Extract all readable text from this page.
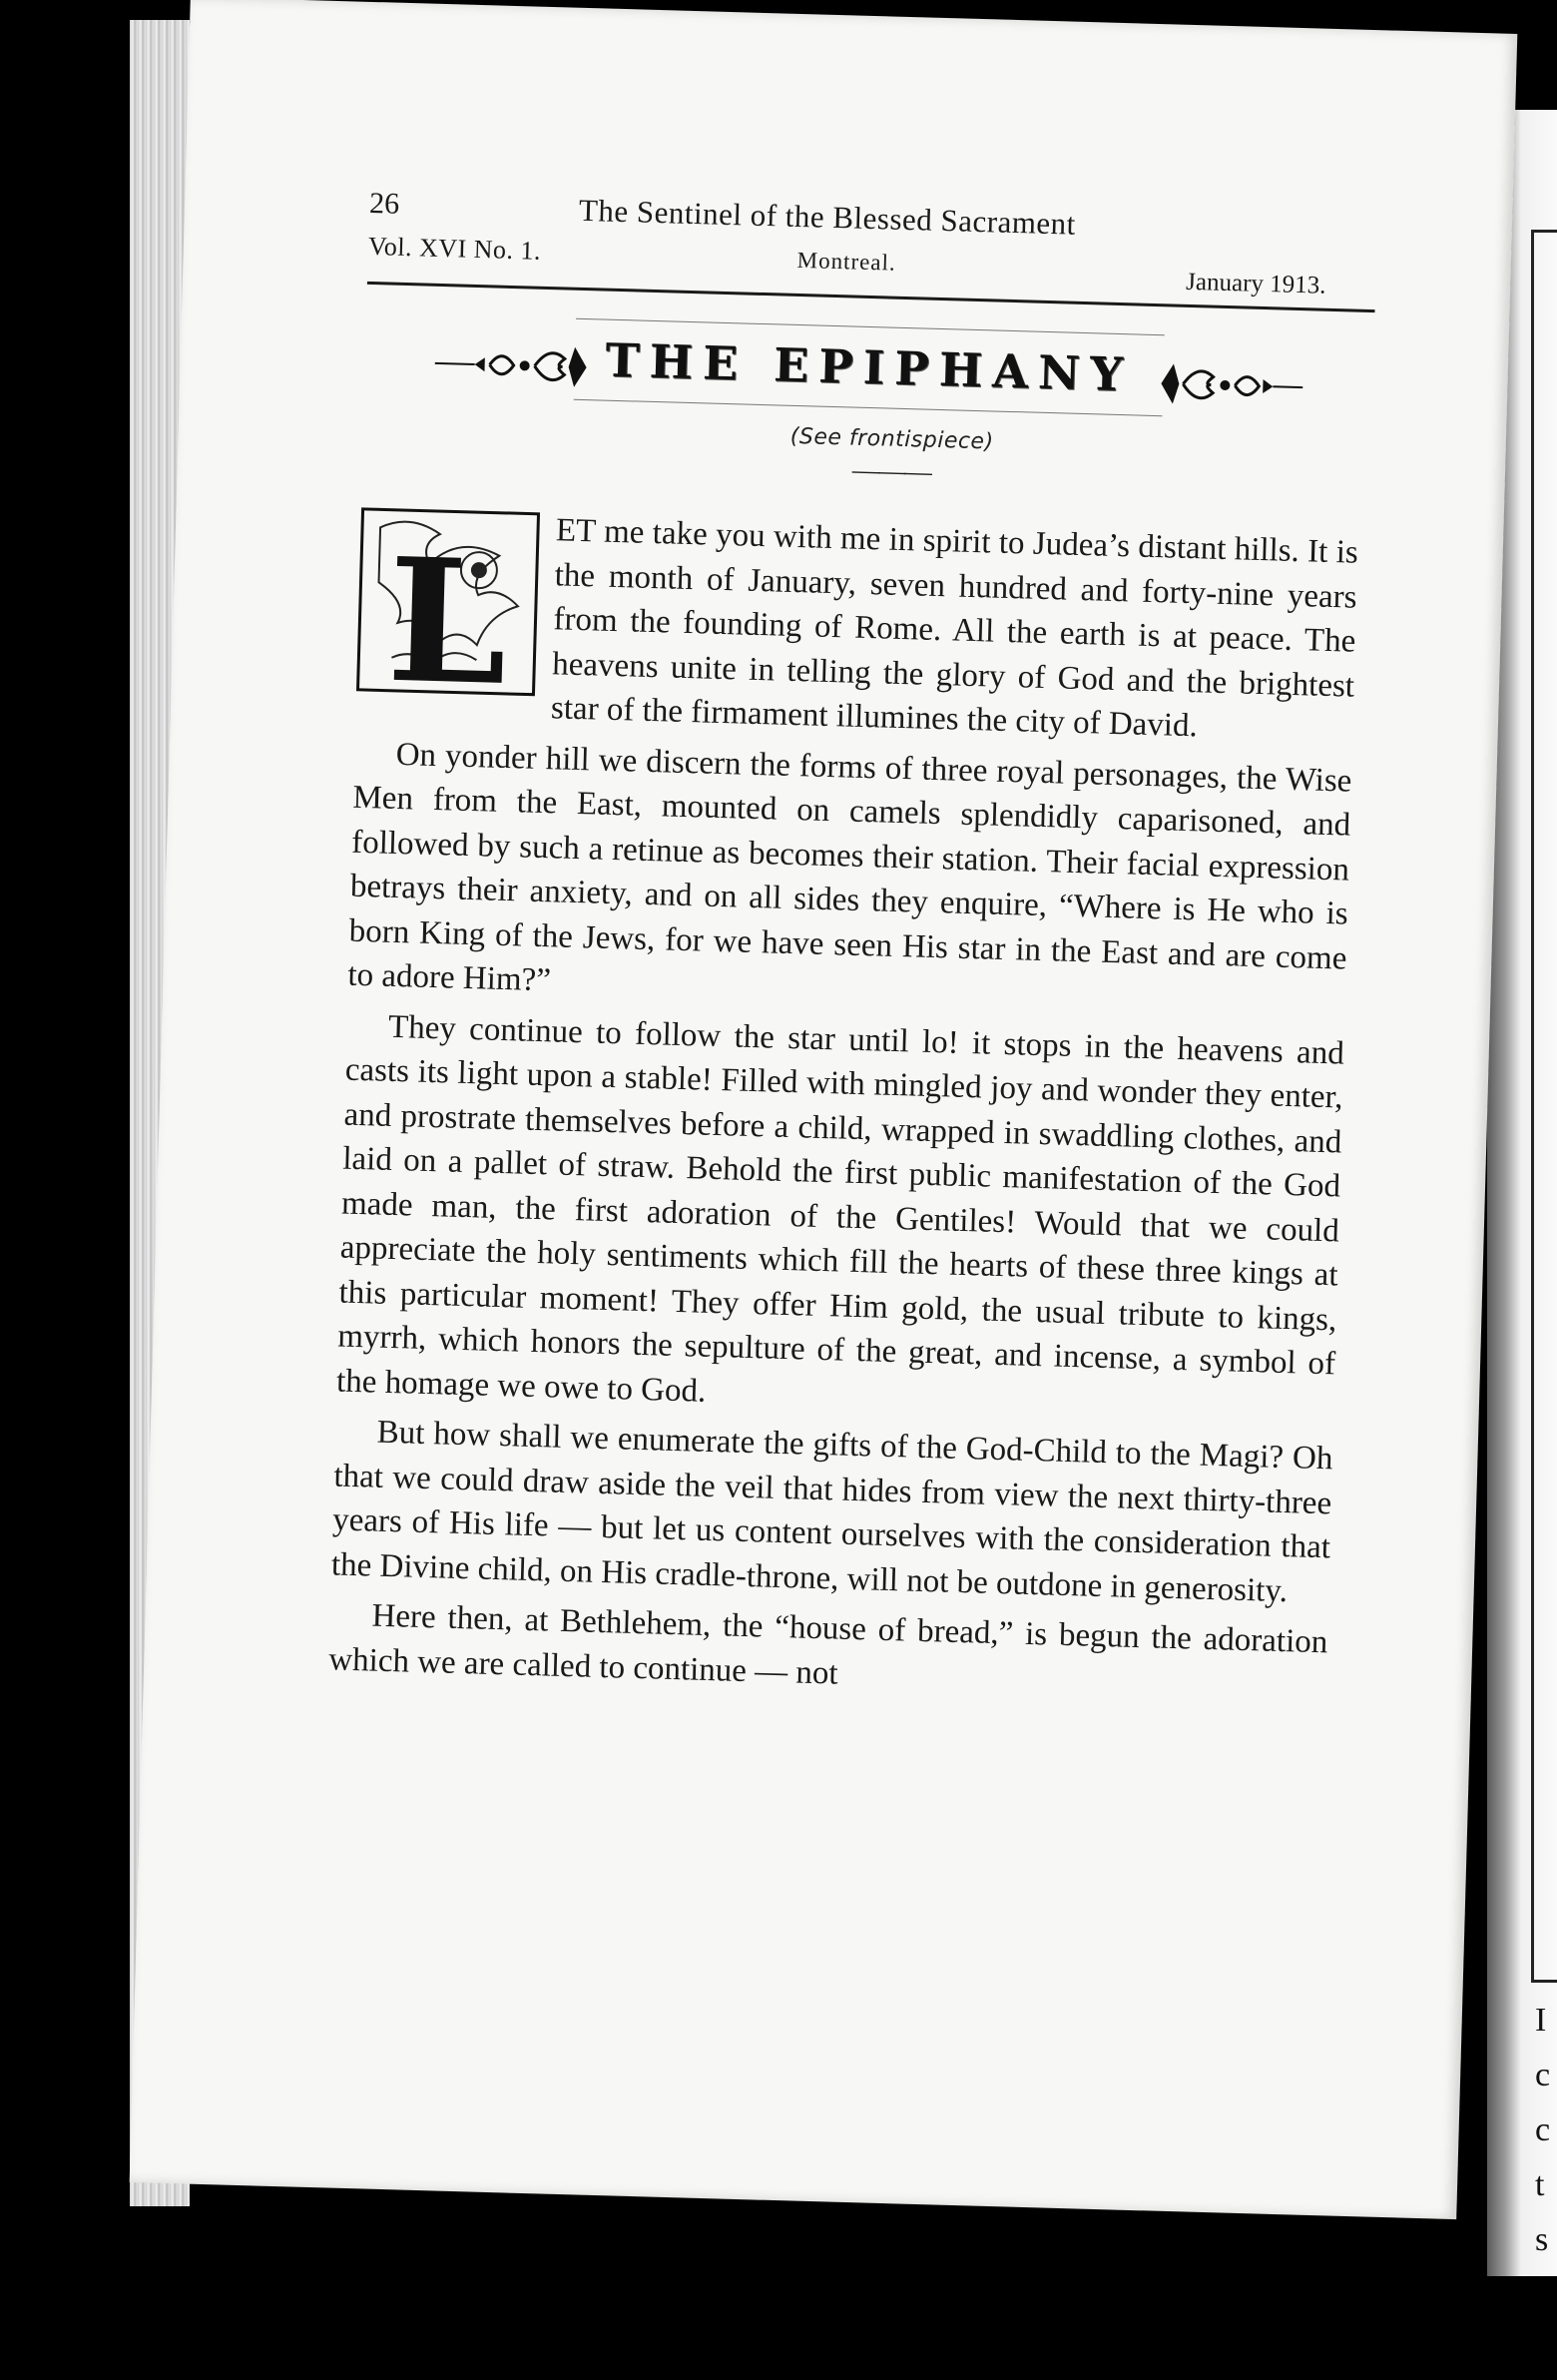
I
c
c
t
s
26	The Sentinel of the Blessed Sacrament
Vol. XVI No. 1.	Montreal.
January 1913.
THE EPIPHANY
(See frontispiece)
———
L	ET me take you with me in spirit to Judea’s distant hills. It is the month of January, seven hundred and forty-nine years from the founding of Rome. All the earth is at peace. The heavens unite in telling the glory of God and the brightest star of the firmament illumines the city of David.

On yonder hill we discern the forms of three royal personages, the Wise Men from the East, mounted on camels splendidly caparisoned, and followed by such a retinue as becomes their station. Their facial expression betrays their anxiety, and on all sides they enquire, “Where is He who is born King of the Jews, for we have seen His star in the East and are come to adore Him?”

They continue to follow the star until lo! it stops in the heavens and casts its light upon a stable! Filled with mingled joy and wonder they enter, and prostrate themselves before a child, wrapped in swaddling clothes, and laid on a pallet of straw. Behold the first public manifestation of the God made man, the first adoration of the Gentiles! Would that we could appreciate the holy sentiments which fill the hearts of these three kings at this particular moment! They offer Him gold, the usual tribute to kings, myrrh, which honors the sepulture of the great, and incense, a symbol of the homage we owe to God.

But how shall we enumerate the gifts of the God-Child to the Magi? Oh that we could draw aside the veil that hides from view the next thirty-three years of His life — but let us content ourselves with the consideration that the Divine child, on His cradle-throne, will not be outdone in generosity.

Here then, at Bethlehem, the “house of bread,” is begun the adoration which we are called to continue — not
